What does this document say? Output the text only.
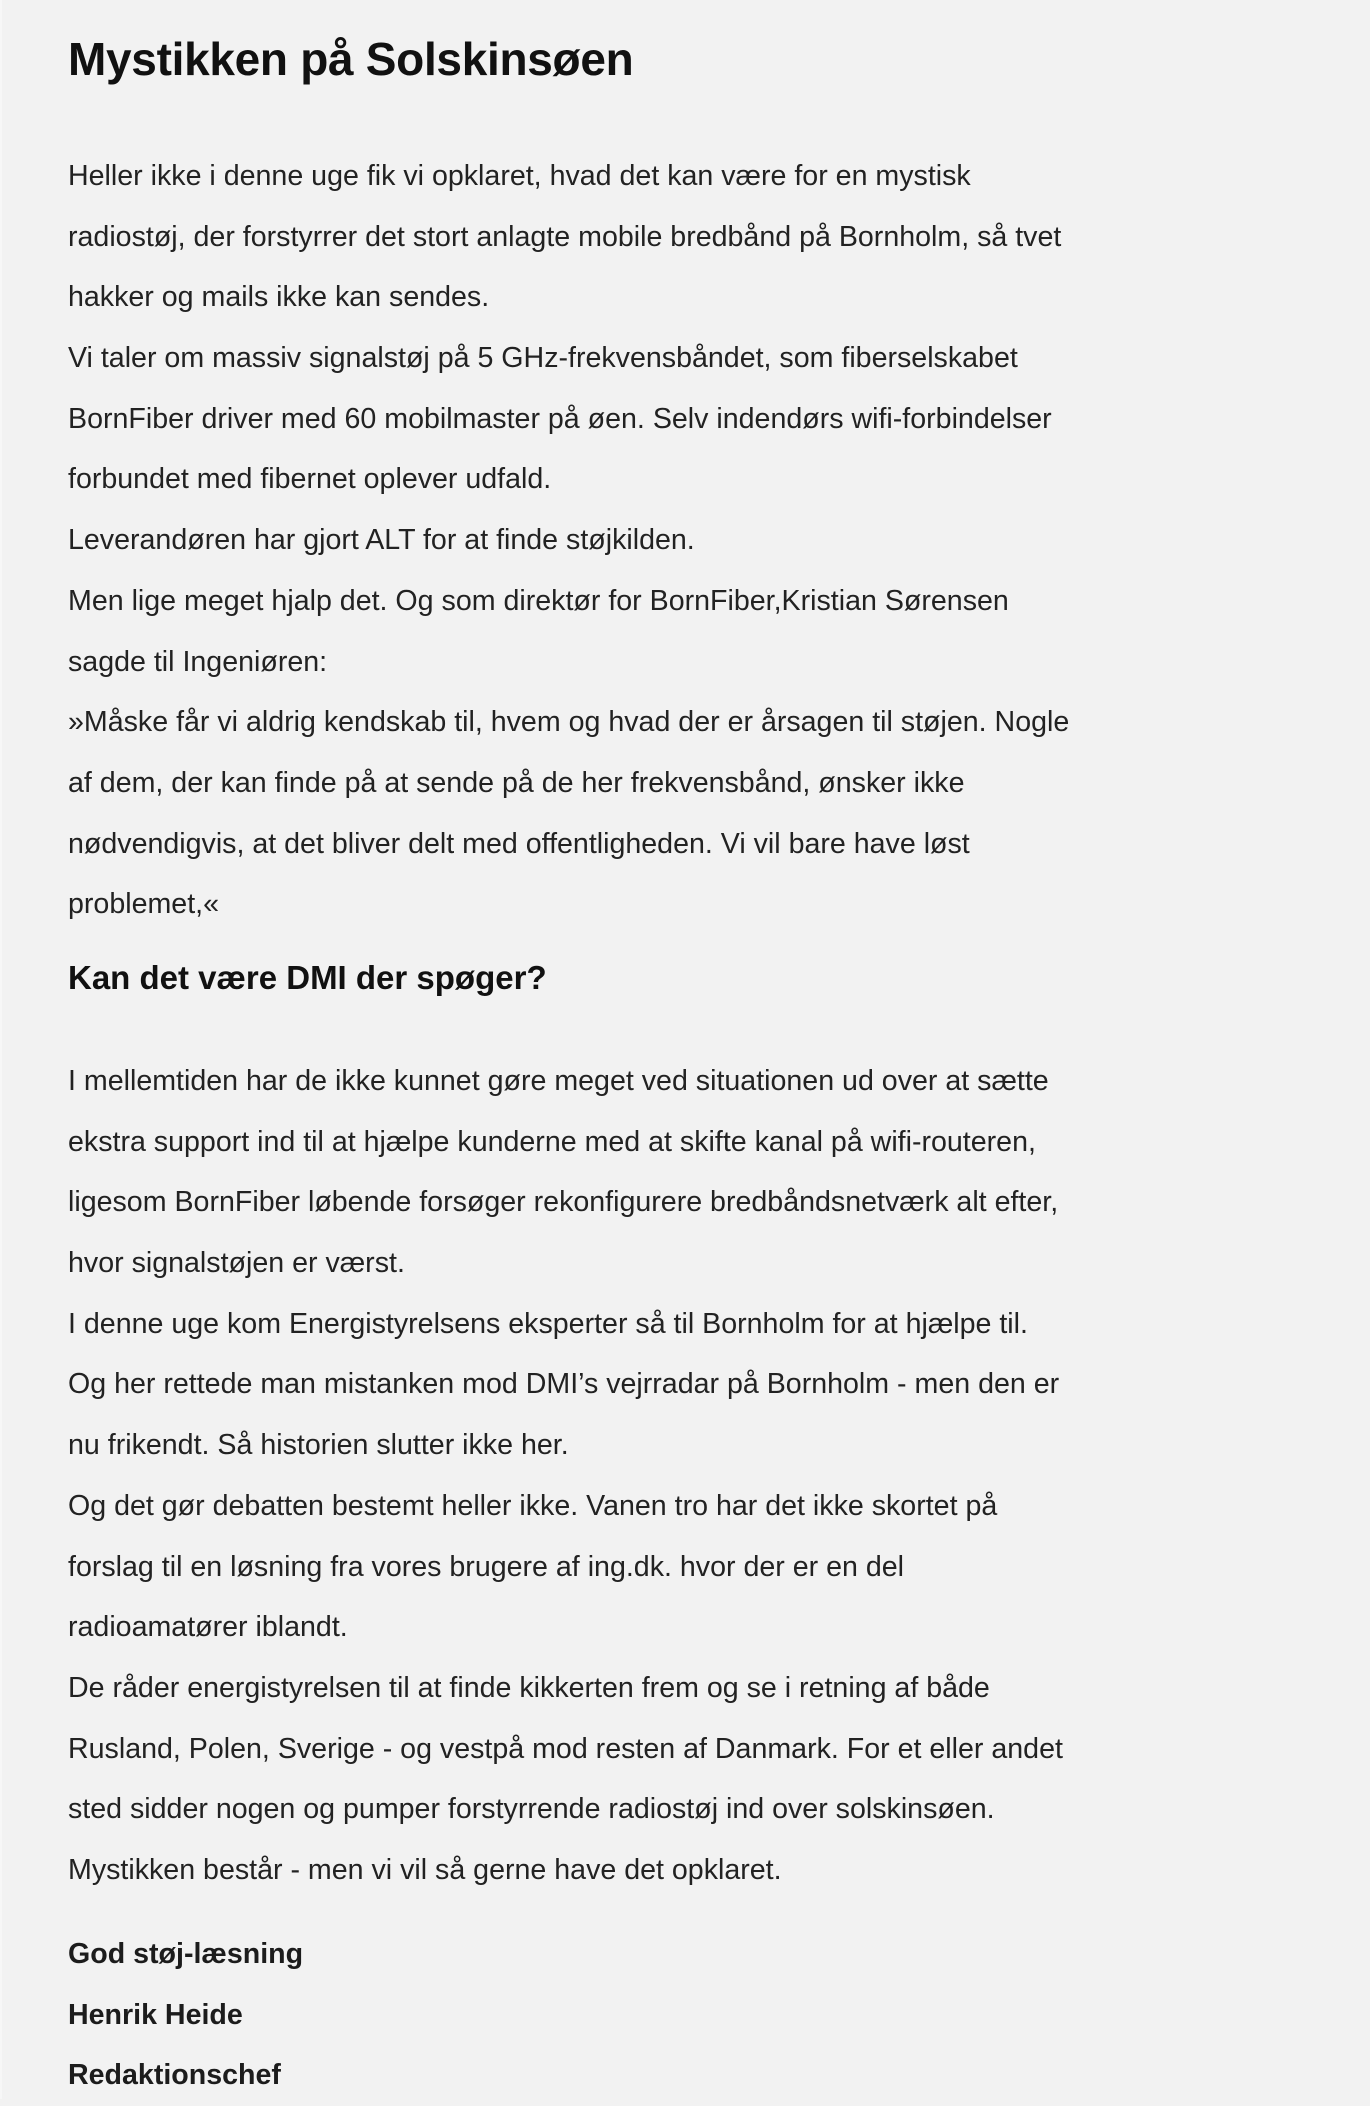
Mystikken på Solskinsøen

Heller ikke i denne uge fik vi opklaret, hvad det kan være for en mystisk
radiostøj, der forstyrrer det stort anlagte mobile bredbånd på Bornholm, så tvet
hakker og mails ikke kan sendes.

Vi taler om massiv signalstøj på 5 GHz-frekvensbåndet, som fiberselskabet
BornFiber driver med 60 mobilmaster på øen. Selv indendørs wifi-forbindelser
forbundet med fibernet oplever udfald.

Leverandøren har gjort ALT for at finde støjkilden.

Men lige meget hjalp det. Og som direktør for BornFiber,Kristian Sørensen
sagde til Ingeniøren:

»Måske får vi aldrig kendskab til, hvem og hvad der er årsagen til støjen. Nogle
af dem, der kan finde på at sende på de her frekvensbånd, ønsker ikke
nødvendigvis, at det bliver delt med offentligheden. Vi vil bare have løst
problemet,«
Kan det være DMI der spøger?

I mellemtiden har de ikke kunnet gøre meget ved situationen ud over at sætte
ekstra support ind til at hjælpe kunderne med at skifte kanal på wifi-routeren,
ligesom BornFiber løbende forsøger rekonfigurere bredbåndsnetværk alt efter,
hvor signalstøjen er værst.

I denne uge kom Energistyrelsens eksperter så til Bornholm for at hjælpe til.
Og her rettede man mistanken mod DMI’s vejrradar på Bornholm - men den er
nu frikendt. Så historien slutter ikke her.

Og det gør debatten bestemt heller ikke. Vanen tro har det ikke skortet på
forslag til en løsning fra vores brugere af ing.dk. hvor der er en del
radioamatører iblandt.

De råder energistyrelsen til at finde kikkerten frem og se i retning af både
Rusland, Polen, Sverige - og vestpå mod resten af Danmark. For et eller andet
sted sidder nogen og pumper forstyrrende radiostøj ind over solskinsøen.
Mystikken består - men vi vil så gerne have det opklaret.

God støj-læsning
Henrik Heide
Redaktionschef
